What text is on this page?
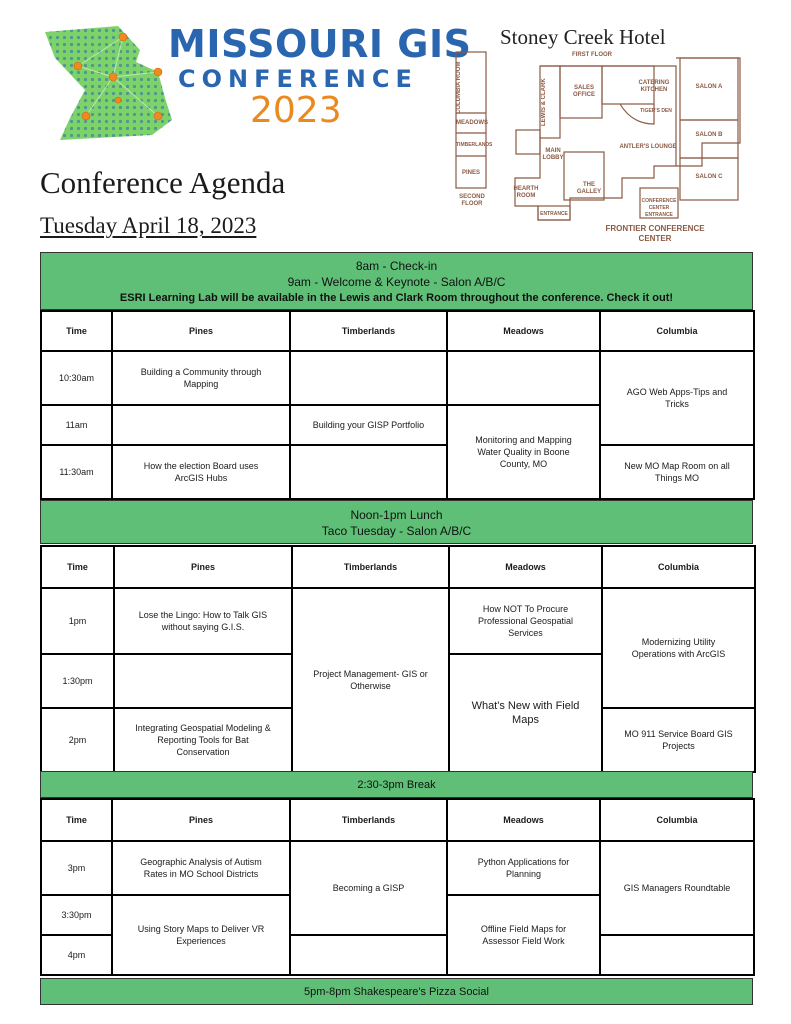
MISSOURI GIS
CONFERENCE
2023
Conference Agenda
Tuesday April 18, 2023
Stoney Creek Hotel
COLUMBIA ROOM
MEADOWS
TIMBERLANDS
PINES
SECOND FLOOR
FIRST FLOOR
LEWIS & CLARK	SALES OFFICE
CATERING KITCHEN	SALON A
SALON B
SALON C
TIGER'S DEN
ANTLER'S LOUNGE
MAIN LOBBY
THE GALLEY
HEARTH ROOM
ENTRANCE
CONFERENCE CENTER ENTRANCE
FRONTIER CONFERENCE CENTER
8am - Check-in
9am - Welcome & Keynote - Salon A/B/C
ESRI Learning Lab will be available in the Lewis and Clark Room throughout the conference. Check it out!
Time	Pines	Timberlands	Meadows	Columbia
10:30am	Building a Community through Mapping			AGO Web Apps-Tips and Tricks
11am		Building your GISP Portfolio	Monitoring and Mapping Water Quality in Boone County, MO	
11:30am	How the election Board uses ArcGIS Hubs			New MO Map Room on all Things MO
Noon-1pm Lunch
Taco Tuesday - Salon A/B/C
Time	Pines	Timberlands	Meadows	Columbia
1pm	Lose the Lingo: How to Talk GIS without saying G.I.S.	Project Management- GIS or Otherwise	How NOT To Procure Professional Geospatial Services	Modernizing Utility Operations with ArcGIS
1:30pm			What's New with Field Maps	
2pm	Integrating Geospatial Modeling & Reporting Tools for Bat Conservation			MO 911 Service Board GIS Projects
2:30-3pm Break
Time	Pines	Timberlands	Meadows	Columbia
3pm	Geographic Analysis of Autism Rates in MO School Districts	Becoming a GISP	Python Applications for Planning	GIS Managers Roundtable
3:30pm	Using Story Maps to Deliver VR Experiences		Offline Field Maps for Assessor Field Work	
4pm				
5pm-8pm Shakespeare's Pizza Social
